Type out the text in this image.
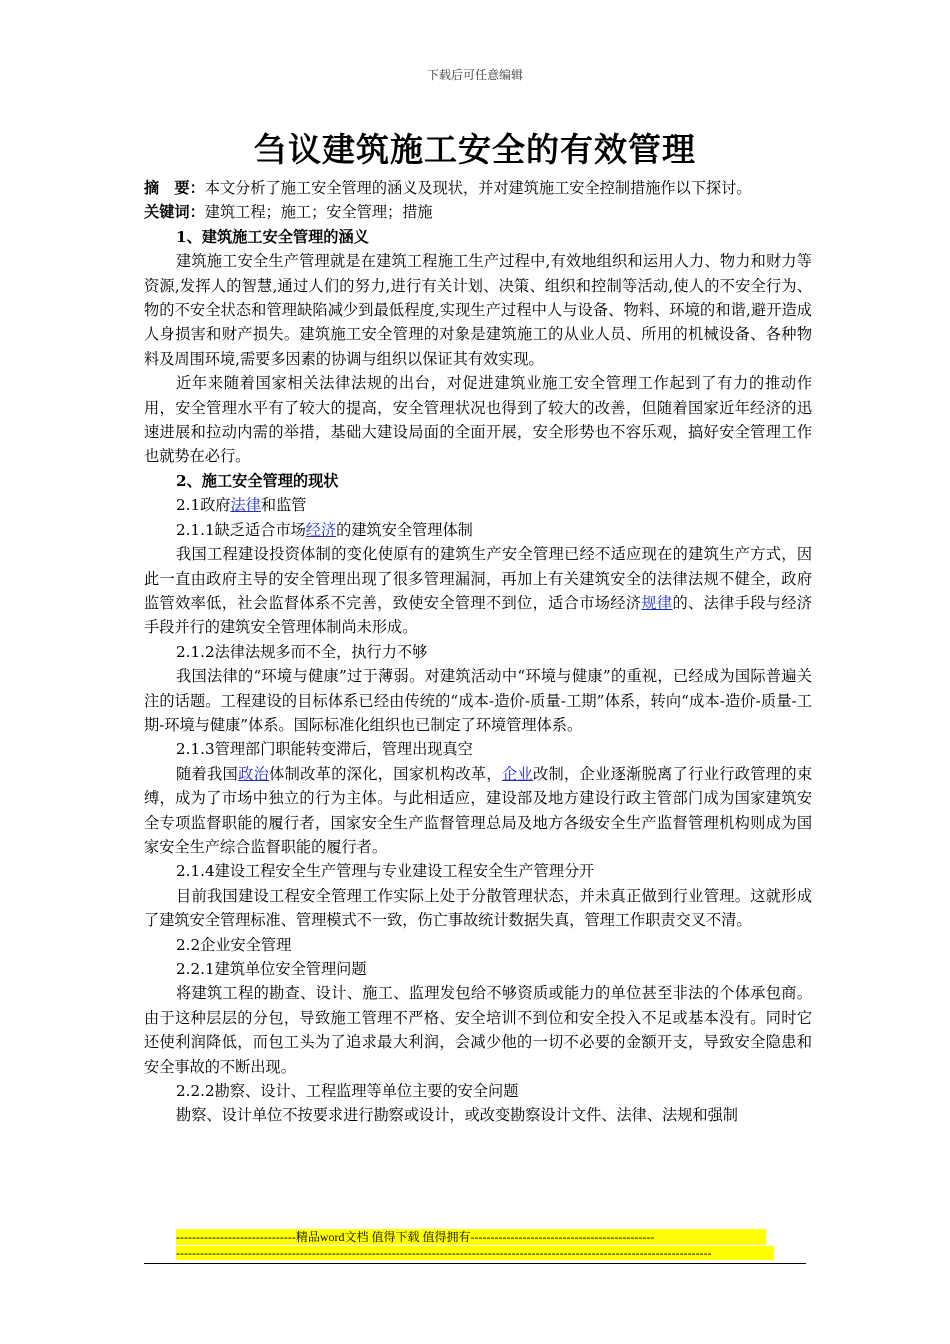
下载后可任意编辑
刍议建筑施工安全的有效管理

摘　要：本文分析了施工安全管理的涵义及现状，并对建筑施工安全控制措施作以下探讨。

关键词：建筑工程；施工；安全管理；措施

1、建筑施工安全管理的涵义

建筑施工安全生产管理就是在建筑工程施工生产过程中,有效地组织和运用人力、物力和财力等资源,发挥人的智慧,通过人们的努力,进行有关计划、决策、组织和控制等活动,使人的不安全行为、物的不安全状态和管理缺陷减少到最低程度,实现生产过程中人与设备、物料、环境的和谐,避开造成人身损害和财产损失。建筑施工安全管理的对象是建筑施工的从业人员、所用的机械设备、各种物料及周围环境,需要多因素的协调与组织以保证其有效实现。

近年来随着国家相关法律法规的出台，对促进建筑业施工安全管理工作起到了有力的推动作用，安全管理水平有了较大的提高，安全管理状况也得到了较大的改善，但随着国家近年经济的迅速进展和拉动内需的举措，基础大建设局面的全面开展，安全形势也不容乐观，搞好安全管理工作也就势在必行。

2、施工安全管理的现状

2.1政府法律和监管

2.1.1缺乏适合市场经济的建筑安全管理体制

我国工程建设投资体制的变化使原有的建筑生产安全管理已经不适应现在的建筑生产方式，因此一直由政府主导的安全管理出现了很多管理漏洞，再加上有关建筑安全的法律法规不健全，政府监管效率低，社会监督体系不完善，致使安全管理不到位，适合市场经济规律的、法律手段与经济手段并行的建筑安全管理体制尚未形成。

2.1.2法律法规多而不全，执行力不够

我国法律的“环境与健康”过于薄弱。对建筑活动中“环境与健康”的重视，已经成为国际普遍关注的话题。工程建设的目标体系已经由传统的“成本-造价-质量-工期”体系，转向“成本-造价-质量-工期-环境与健康”体系。国际标准化组织也已制定了环境管理体系。

2.1.3管理部门职能转变滞后，管理出现真空

随着我国政治体制改革的深化，国家机构改革，企业改制，企业逐渐脱离了行业行政管理的束缚，成为了市场中独立的行为主体。与此相适应，建设部及地方建设行政主管部门成为国家建筑安全专项监督职能的履行者，国家安全生产监督管理总局及地方各级安全生产监督管理机构则成为国家安全生产综合监督职能的履行者。

2.1.4建设工程安全生产管理与专业建设工程安全生产管理分开

目前我国建设工程安全管理工作实际上处于分散管理状态，并未真正做到行业管理。这就形成了建筑安全管理标准、管理模式不一致，伤亡事故统计数据失真，管理工作职责交叉不清。

2.2企业安全管理

2.2.1建筑单位安全管理问题

将建筑工程的勘查、设计、施工、监理发包给不够资质或能力的单位甚至非法的个体承包商。由于这种层层的分包，导致施工管理不严格、安全培训不到位和安全投入不足或基本没有。同时它还使利润降低，而包工头为了追求最大利润，会减少他的一切不必要的金额开支，导致安全隐患和安全事故的不断出现。

2.2.2勘察、设计、工程监理等单位主要的安全问题

勘察、设计单位不按要求进行勘察或设计，或改变勘察设计文件、法律、法规和强制

------------------------------精品word文档 值得下载 值得拥有----------------------------------------------
--------------------------------------------------------------------------------------------------------------------------------------
